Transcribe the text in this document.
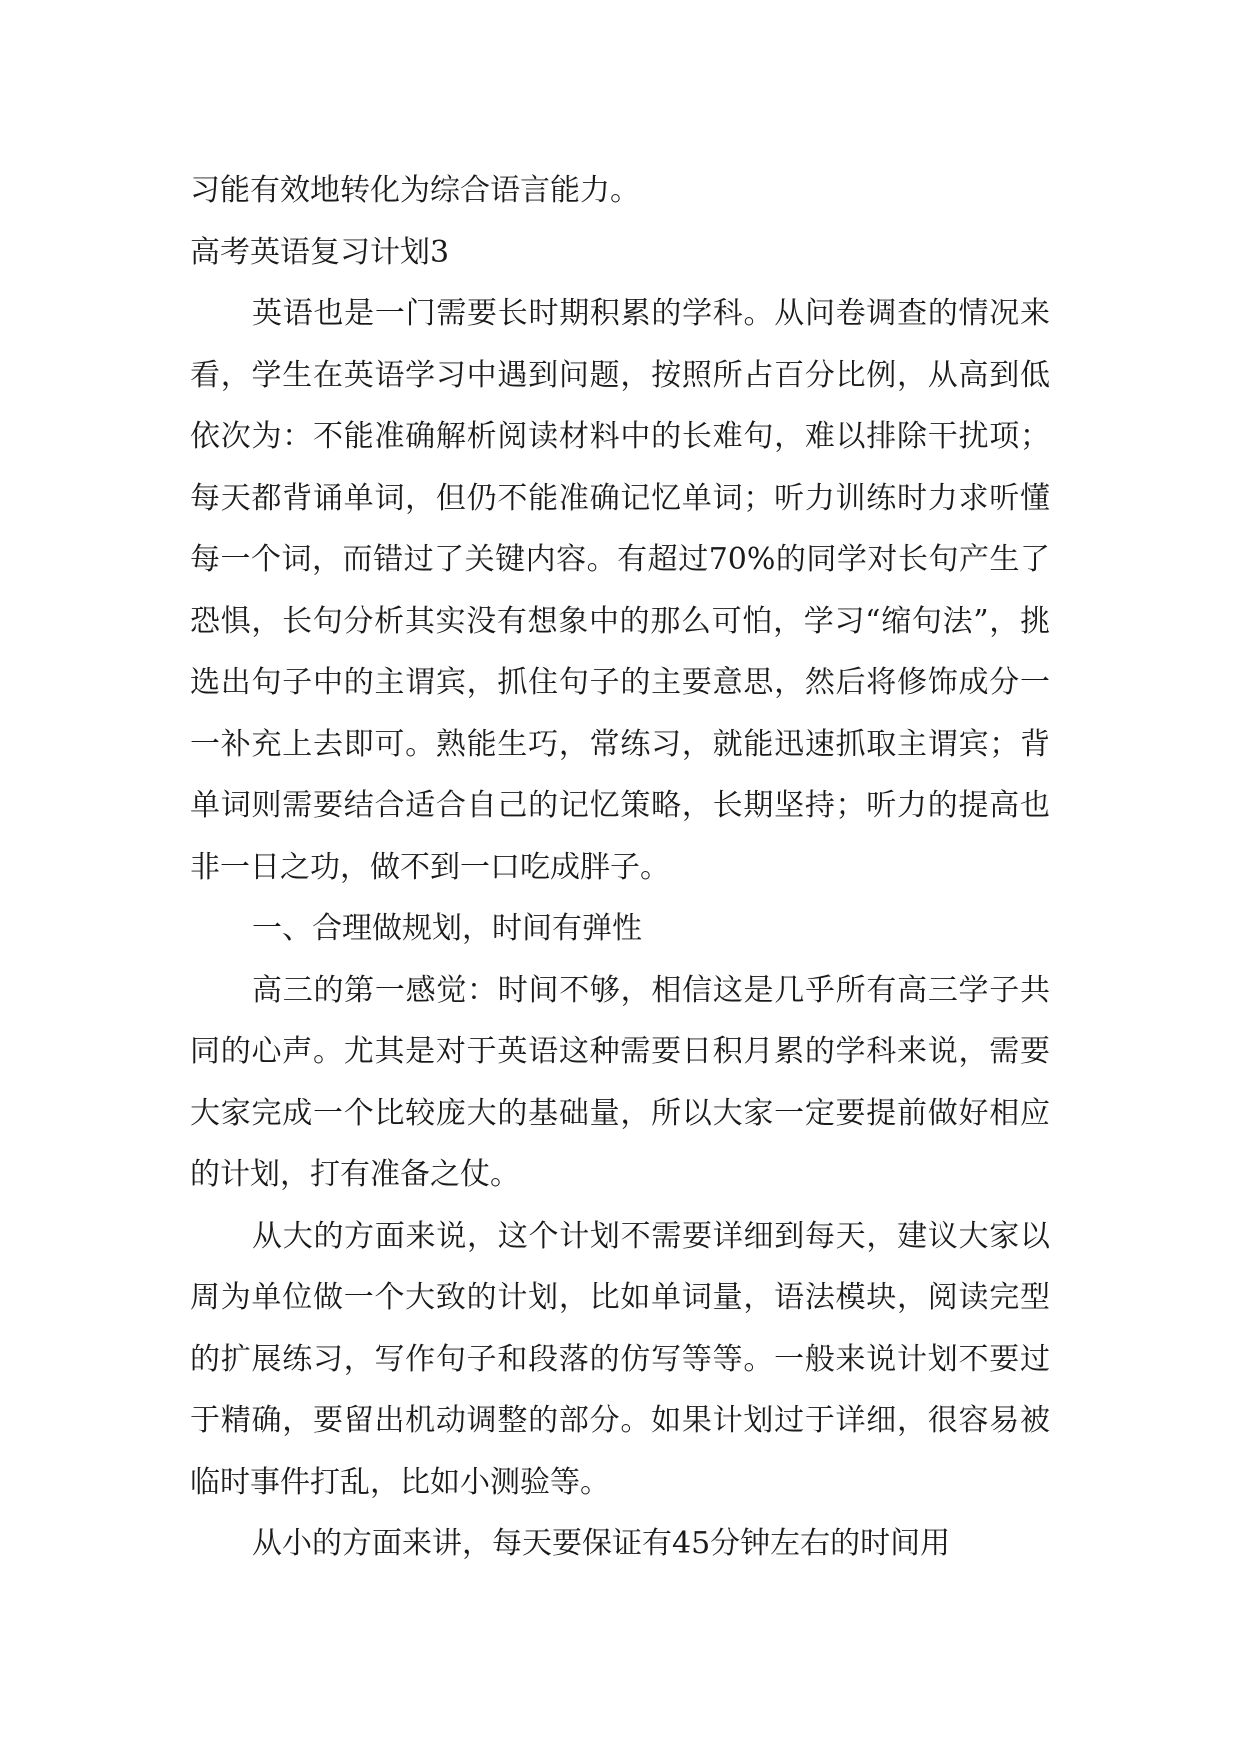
习能有效地转化为综合语言能力。

高考英语复习计划3

英语也是一门需要长时期积累的学科。从问卷调查的情况来看，学生在英语学习中遇到问题，按照所占百分比例，从高到低依次为：不能准确解析阅读材料中的长难句，难以排除干扰项；每天都背诵单词，但仍不能准确记忆单词；听力训练时力求听懂每一个词，而错过了关键内容。有超过70%的同学对长句产生了恐惧，长句分析其实没有想象中的那么可怕，学习“缩句法”，挑选出句子中的主谓宾，抓住句子的主要意思，然后将修饰成分一一补充上去即可。熟能生巧，常练习，就能迅速抓取主谓宾；背单词则需要结合适合自己的记忆策略，长期坚持；听力的提高也非一日之功，做不到一口吃成胖子。

一、合理做规划，时间有弹性

高三的第一感觉：时间不够，相信这是几乎所有高三学子共同的心声。尤其是对于英语这种需要日积月累的学科来说，需要大家完成一个比较庞大的基础量，所以大家一定要提前做好相应的计划，打有准备之仗。

从大的方面来说，这个计划不需要详细到每天，建议大家以周为单位做一个大致的计划，比如单词量，语法模块，阅读完型的扩展练习，写作句子和段落的仿写等等。一般来说计划不要过于精确，要留出机动调整的部分。如果计划过于详细，很容易被临时事件打乱，比如小测验等。

从小的方面来讲，每天要保证有45分钟左右的时间用
